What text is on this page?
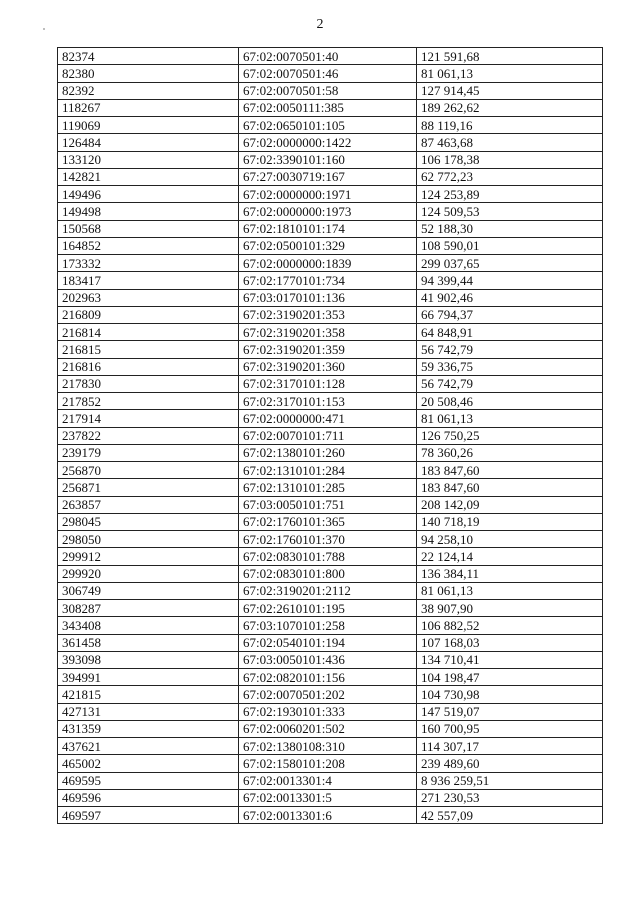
2
82374	67:02:0070501:40	121 591,68
82380	67:02:0070501:46	81 061,13
82392	67:02:0070501:58	127 914,45
118267	67:02:0050111:385	189 262,62
119069	67:02:0650101:105	88 119,16
126484	67:02:0000000:1422	87 463,68
133120	67:02:3390101:160	106 178,38
142821	67:27:0030719:167	62 772,23
149496	67:02:0000000:1971	124 253,89
149498	67:02:0000000:1973	124 509,53
150568	67:02:1810101:174	52 188,30
164852	67:02:0500101:329	108 590,01
173332	67:02:0000000:1839	299 037,65
183417	67:02:1770101:734	94 399,44
202963	67:03:0170101:136	41 902,46
216809	67:02:3190201:353	66 794,37
216814	67:02:3190201:358	64 848,91
216815	67:02:3190201:359	56 742,79
216816	67:02:3190201:360	59 336,75
217830	67:02:3170101:128	56 742,79
217852	67:02:3170101:153	20 508,46
217914	67:02:0000000:471	81 061,13
237822	67:02:0070101:711	126 750,25
239179	67:02:1380101:260	78 360,26
256870	67:02:1310101:284	183 847,60
256871	67:02:1310101:285	183 847,60
263857	67:03:0050101:751	208 142,09
298045	67:02:1760101:365	140 718,19
298050	67:02:1760101:370	94 258,10
299912	67:02:0830101:788	22 124,14
299920	67:02:0830101:800	136 384,11
306749	67:02:3190201:2112	81 061,13
308287	67:02:2610101:195	38 907,90
343408	67:03:1070101:258	106 882,52
361458	67:02:0540101:194	107 168,03
393098	67:03:0050101:436	134 710,41
394991	67:02:0820101:156	104 198,47
421815	67:02:0070501:202	104 730,98
427131	67:02:1930101:333	147 519,07
431359	67:02:0060201:502	160 700,95
437621	67:02:1380108:310	114 307,17
465002	67:02:1580101:208	239 489,60
469595	67:02:0013301:4	8 936 259,51
469596	67:02:0013301:5	271 230,53
469597	67:02:0013301:6	42 557,09
